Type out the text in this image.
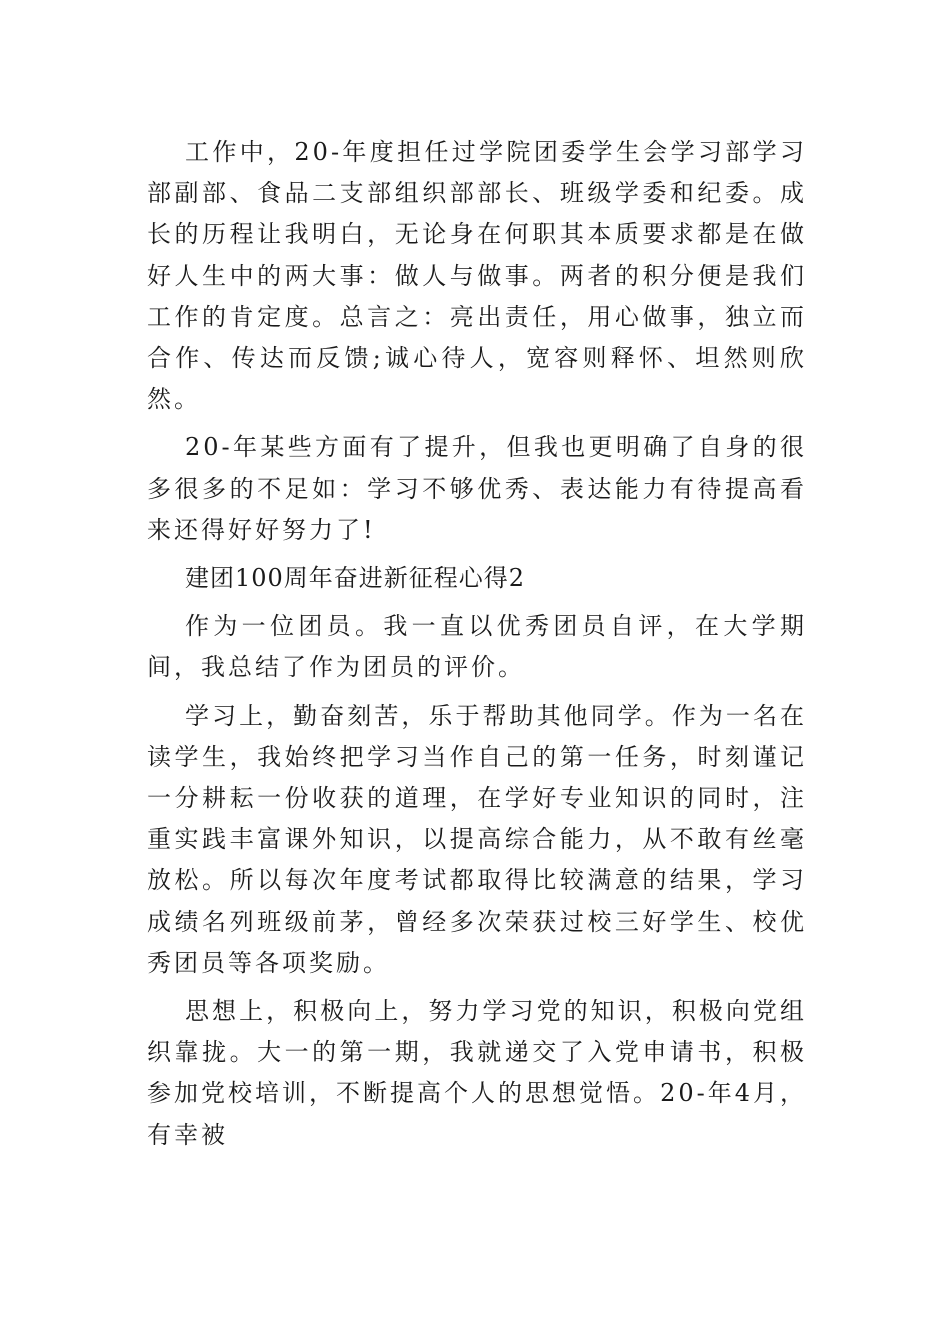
工作中，20-年度担任过学院团委学生会学习部学习部副部、食品二支部组织部部长、班级学委和纪委。成长的历程让我明白，无论身在何职其本质要求都是在做好人生中的两大事：做人与做事。两者的积分便是我们工作的肯定度。总言之：亮出责任，用心做事，独立而合作、传达而反馈;诚心待人，宽容则释怀、坦然则欣然。

20-年某些方面有了提升，但我也更明确了自身的很多很多的不足如：学习不够优秀、表达能力有待提高看来还得好好努力了!

建团100周年奋进新征程心得2

作为一位团员。我一直以优秀团员自评，在大学期间，我总结了作为团员的评价。

学习上，勤奋刻苦，乐于帮助其他同学。作为一名在读学生，我始终把学习当作自己的第一任务，时刻谨记一分耕耘一份收获的道理，在学好专业知识的同时，注重实践丰富课外知识，以提高综合能力，从不敢有丝毫放松。所以每次年度考试都取得比较满意的结果，学习成绩名列班级前茅，曾经多次荣获过校三好学生、校优秀团员等各项奖励。

思想上，积极向上，努力学习党的知识，积极向党组织靠拢。大一的第一期，我就递交了入党申请书，积极参加党校培训，不断提高个人的思想觉悟。20-年4月，有幸被
